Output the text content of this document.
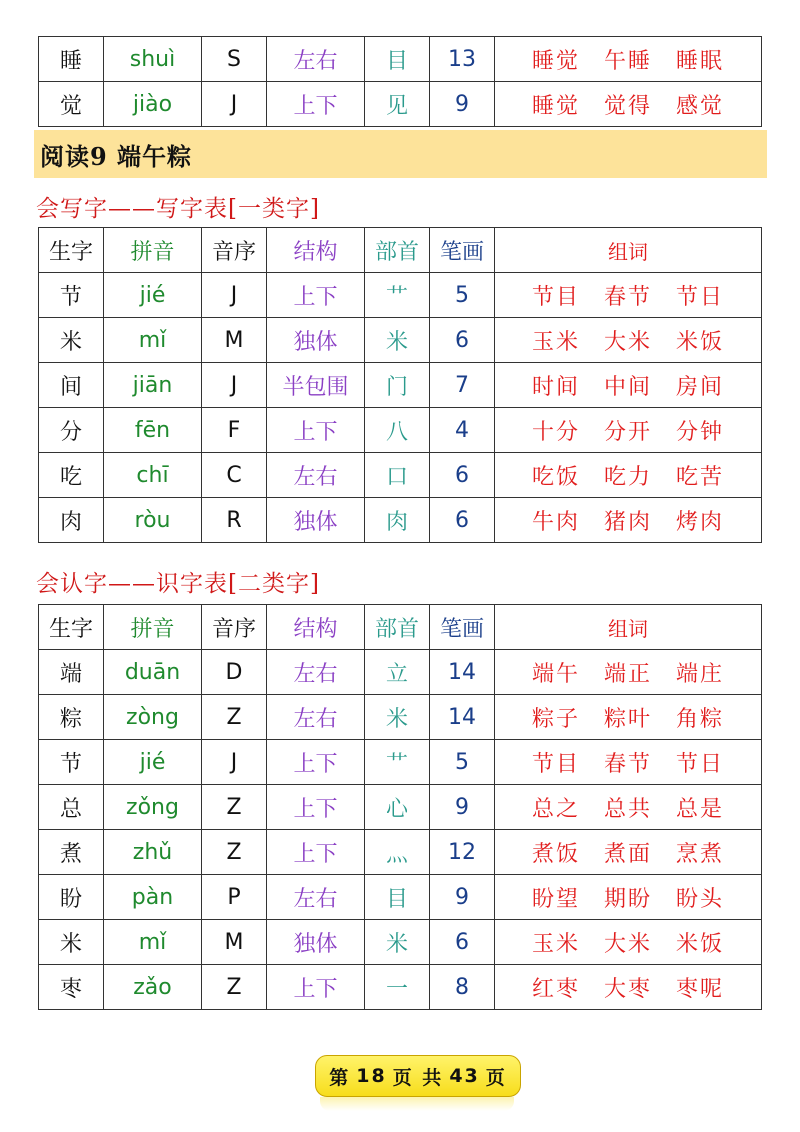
睡	shuì	S	左右	目	13	睡觉 午睡 睡眠
觉	jiào	J	上下	见	9	睡觉 觉得 感觉
阅读9 端午粽
会写字——写字表[一类字]
生字	拼音	音序	结构	部首	笔画	组词
节	jié	J	上下	艹	5	节目 春节 节日
米	mǐ	M	独体	米	6	玉米 大米 米饭
间	jiān	J	半包围	门	7	时间 中间 房间
分	fēn	F	上下	八	4	十分 分开 分钟
吃	chī	C	左右	口	6	吃饭 吃力 吃苦
肉	ròu	R	独体	肉	6	牛肉 猪肉 烤肉
会认字——识字表[二类字]
生字	拼音	音序	结构	部首	笔画	组词
端	duān	D	左右	立	14	端午 端正 端庄
粽	zòng	Z	左右	米	14	粽子 粽叶 角粽
节	jié	J	上下	艹	5	节目 春节 节日
总	zǒng	Z	上下	心	9	总之 总共 总是
煮	zhǔ	Z	上下	灬	12	煮饭 煮面 烹煮
盼	pàn	P	左右	目	9	盼望 期盼 盼头
米	mǐ	M	独体	米	6	玉米 大米 米饭
枣	zǎo	Z	上下	一	8	红枣 大枣 枣呢
第 18 页 共 43 页
